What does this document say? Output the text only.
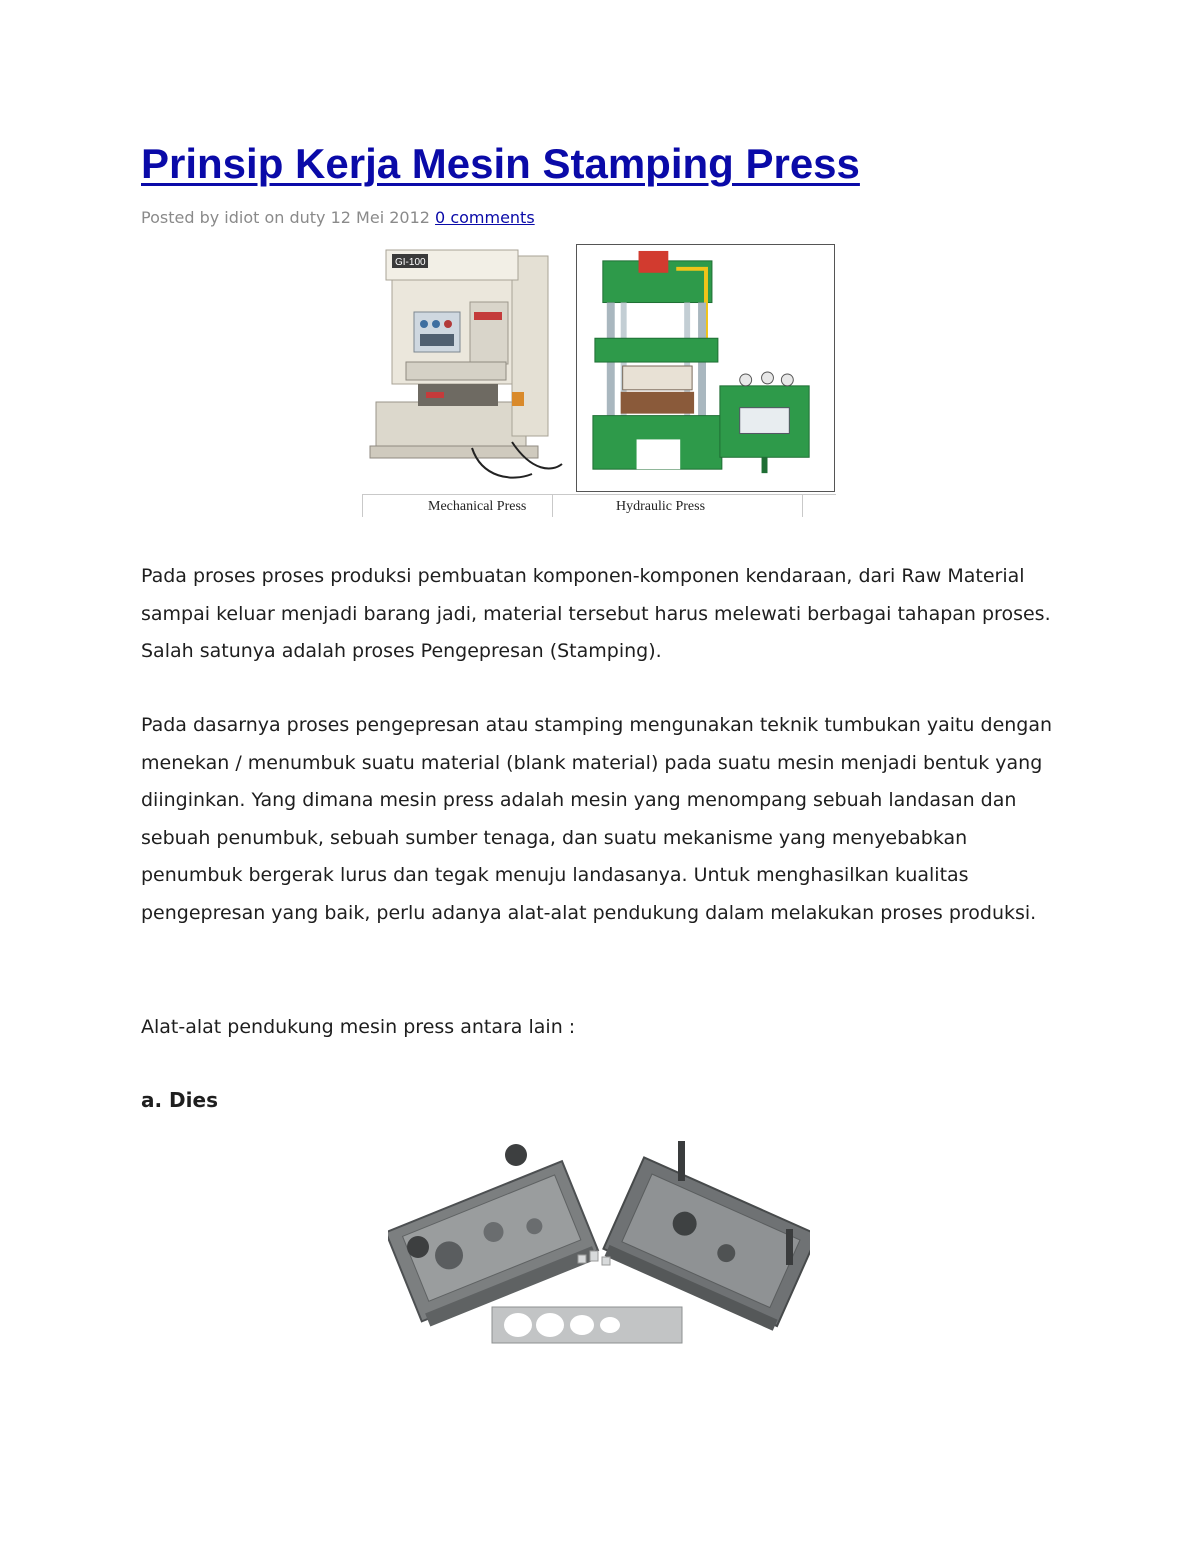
Prinsip Kerja Mesin Stamping Press
Posted by idiot on duty 12 Mei 2012 0 comments
GI-100
Mechanical Press	Hydraulic Press

Pada proses proses produksi pembuatan komponen-komponen kendaraan, dari Raw Material sampai keluar menjadi barang jadi, material tersebut harus melewati berbagai tahapan proses. Salah satunya adalah proses Pengepresan (Stamping).

Pada dasarnya proses pengepresan atau stamping mengunakan teknik tumbukan yaitu dengan menekan / menumbuk suatu material (blank material) pada suatu mesin menjadi bentuk yang diinginkan. Yang dimana mesin press adalah mesin yang menompang sebuah landasan dan sebuah penumbuk, sebuah sumber tenaga, dan suatu mekanisme yang menyebabkan penumbuk bergerak lurus dan tegak menuju landasanya. Untuk menghasilkan kualitas pengepresan yang baik, perlu adanya alat-alat pendukung dalam melakukan proses produksi.

Alat-alat pendukung mesin press antara lain :

a. Dies
